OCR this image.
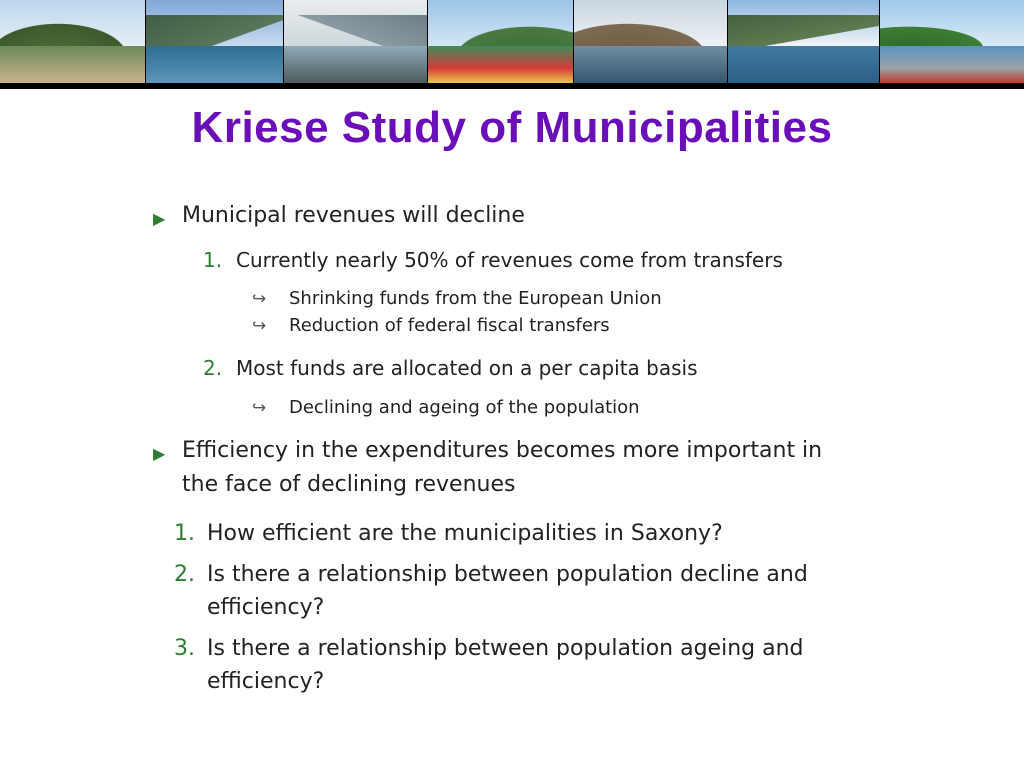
Kriese Study of Municipalities
▶ Municipal revenues will decline
1. Currently nearly 50% of revenues come from transfers
↪ Shrinking funds from the European Union
↪ Reduction of federal fiscal transfers
2. Most funds are allocated on a per capita basis
↪ Declining and ageing of the population
▶ Efficiency in the expenditures becomes more important in
the face of declining revenues
1. How efficient are the municipalities in Saxony?
2. Is there a relationship between population decline and
efficiency?
3. Is there a relationship between population ageing and
efficiency?
